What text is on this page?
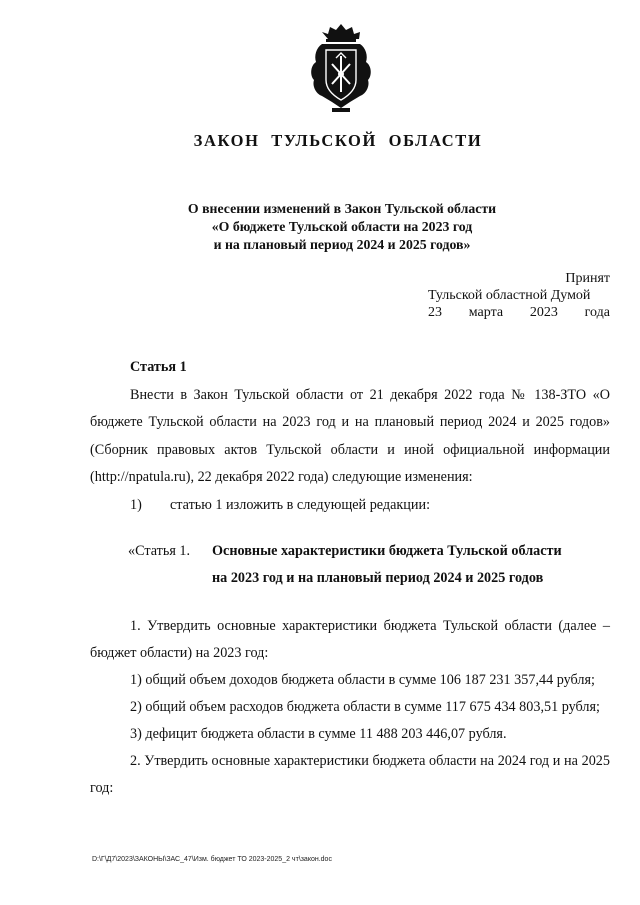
ЗАКОН ТУЛЬСКОЙ ОБЛАСТИ
О внесении изменений в Закон Тульской области
«О бюджете Тульской области на 2023 год
и на плановый период 2024 и 2025 годов»
Принят
Тульской областной Думой
23 марта 2023 года

Статья 1

Внести в Закон Тульской области от 21 декабря 2022 года № 138-ЗТО «О бюджете Тульской области на 2023 год и на плановый период 2024 и 2025 годов» (Сборник правовых актов Тульской области и иной официальной информации (http://npatula.ru), 22 декабря 2022 года) следующие изменения:

1) статью 1 изложить в следующей редакции:

«Статья 1.	Основные характеристики бюджета Тульской области
на 2023 год и на плановый период 2024 и 2025 годов

1. Утвердить основные характеристики бюджета Тульской области (далее – бюджет области) на 2023 год:

1) общий объем доходов бюджета области в сумме 106 187 231 357,44 рубля;

2) общий объем расходов бюджета области в сумме 117 675 434 803,51 рубля;

3) дефицит бюджета области в сумме 11 488 203 446,07 рубля.

2. Утвердить основные характеристики бюджета области на 2024 год и на 2025 год:

D:\Г\Д7\2023\ЗАКОНЫ\ЗАС_47\Изм. бюджет ТО 2023-2025_2 чт\закон.doc
